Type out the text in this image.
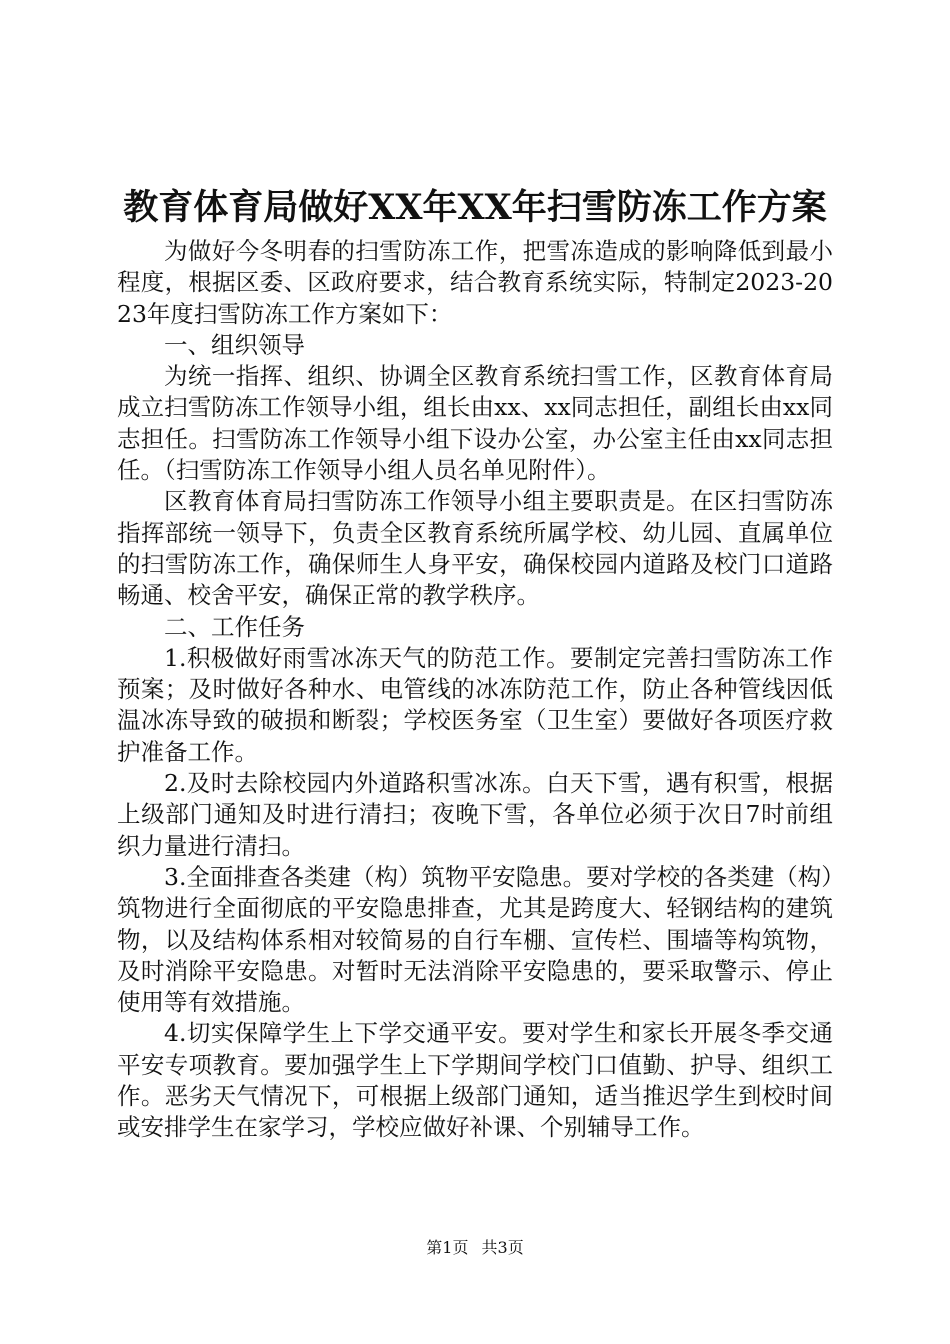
教育体育局做好XX年XX年扫雪防冻工作方案

为做好今冬明春的扫雪防冻工作，把雪冻造成的影响降低到最小程度，根据区委、区政府要求，结合教育系统实际，特制定2023-2023年度扫雪防冻工作方案如下：

一、组织领导

为统一指挥、组织、协调全区教育系统扫雪工作，区教育体育局成立扫雪防冻工作领导小组，组长由xx、xx同志担任，副组长由xx同志担任。扫雪防冻工作领导小组下设办公室，办公室主任由xx同志担任。（扫雪防冻工作领导小组人员名单见附件）。

区教育体育局扫雪防冻工作领导小组主要职责是。在区扫雪防冻指挥部统一领导下，负责全区教育系统所属学校、幼儿园、直属单位的扫雪防冻工作，确保师生人身平安，确保校园内道路及校门口道路畅通、校舍平安，确保正常的教学秩序。

二、工作任务

1.积极做好雨雪冰冻天气的防范工作。要制定完善扫雪防冻工作预案；及时做好各种水、电管线的冰冻防范工作，防止各种管线因低温冰冻导致的破损和断裂；学校医务室（卫生室）要做好各项医疗救护准备工作。

2.及时去除校园内外道路积雪冰冻。白天下雪，遇有积雪，根据上级部门通知及时进行清扫；夜晚下雪，各单位必须于次日7时前组织力量进行清扫。

3.全面排查各类建（构）筑物平安隐患。要对学校的各类建（构）筑物进行全面彻底的平安隐患排查，尤其是跨度大、轻钢结构的建筑物，以及结构体系相对较简易的自行车棚、宣传栏、围墙等构筑物，及时消除平安隐患。对暂时无法消除平安隐患的，要采取警示、停止使用等有效措施。

4.切实保障学生上下学交通平安。要对学生和家长开展冬季交通平安专项教育。要加强学生上下学期间学校门口值勤、护导、组织工作。恶劣天气情况下，可根据上级部门通知，适当推迟学生到校时间或安排学生在家学习，学校应做好补课、个别辅导工作。

第1页 共3页
